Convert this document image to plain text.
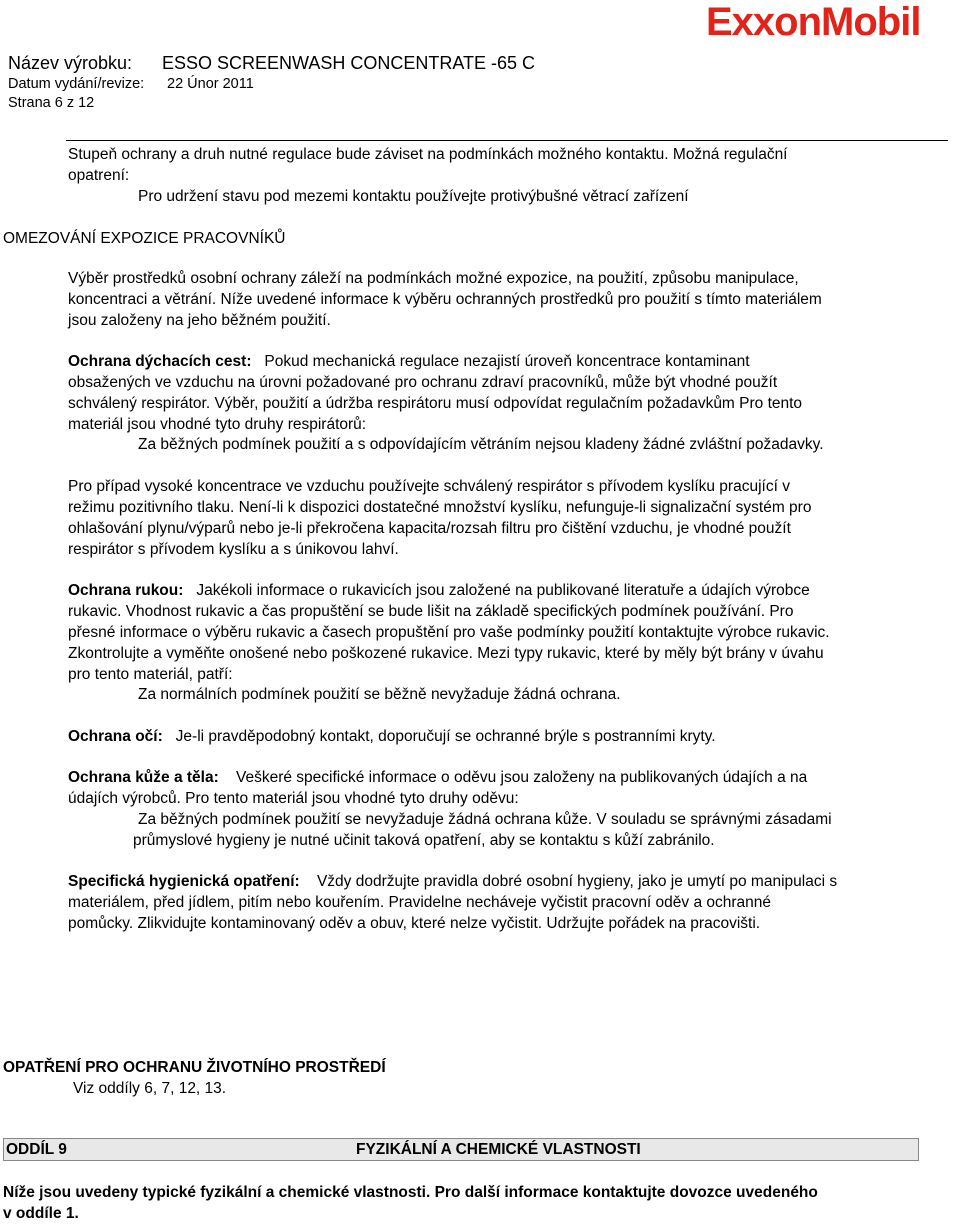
Název výrobku: ESSO SCREENWASH CONCENTRATE -65 C
Datum vydání/revize: 22 Únor 2011
Strana 6 z 12
ExxonMobil
Stupeň ochrany a druh nutné regulace bude záviset na podmínkách možného kontaktu. Možná regulační
opatrení:
Pro udržení stavu pod mezemi kontaktu používejte protivýbušné větrací zařízení
OMEZOVÁNÍ EXPOZICE PRACOVNÍKŮ
Výběr prostředků osobní ochrany záleží na podmínkách možné expozice, na použití, způsobu manipulace,
koncentraci a větrání. Níže uvedené informace k výběru ochranných prostředků pro použití s tímto materiálem
jsou založeny na jeho běžném použití.
Ochrana dýchacích cest: Pokud mechanická regulace nezajistí úroveň koncentrace kontaminant
obsažených ve vzduchu na úrovni požadované pro ochranu zdraví pracovníků, může být vhodné použít
schválený respirátor. Výběr, použití a údržba respirátoru musí odpovídat regulačním požadavkům Pro tento
materiál jsou vhodné tyto druhy respirátorů:
Za běžných podmínek použití a s odpovídajícím větráním nejsou kladeny žádné zvláštní požadavky.
Pro případ vysoké koncentrace ve vzduchu používejte schválený respirátor s přívodem kyslíku pracující v
režimu pozitivního tlaku. Není-li k dispozici dostatečné množství kyslíku, nefunguje-li signalizační systém pro
ohlašování plynu/výparů nebo je-li překročena kapacita/rozsah filtru pro čištění vzduchu, je vhodné použít
respirátor s přívodem kyslíku a s únikovou lahví.
Ochrana rukou: Jakékoli informace o rukavicích jsou založené na publikované literatuře a údajích výrobce
rukavic. Vhodnost rukavic a čas propuštění se bude lišit na základě specifických podmínek používání. Pro
přesné informace o výběru rukavic a časech propuštění pro vaše podmínky použití kontaktujte výrobce rukavic.
Zkontrolujte a vyměňte onošené nebo poškozené rukavice. Mezi typy rukavic, které by měly být brány v úvahu
pro tento materiál, patří:
Za normálních podmínek použití se běžně nevyžaduje žádná ochrana.
Ochrana očí: Je-li pravděpodobný kontakt, doporučují se ochranné brýle s postranními kryty.
Ochrana kůže a těla: Veškeré specifické informace o oděvu jsou založeny na publikovaných údajích a na
údajích výrobců. Pro tento materiál jsou vhodné tyto druhy oděvu:
Za běžných podmínek použití se nevyžaduje žádná ochrana kůže. V souladu se správnými zásadami
průmyslové hygieny je nutné učinit taková opatření, aby se kontaktu s kůží zabránilo.
Specifická hygienická opatření: Vždy dodržujte pravidla dobré osobní hygieny, jako je umytí po manipulaci s
materiálem, před jídlem, pitím nebo kouřením. Pravidelne necháveje vyčistit pracovní oděv a ochranné
pomůcky. Zlikvidujte kontaminovaný oděv a obuv, které nelze vyčistit. Udržujte pořádek na pracovišti.
OPATŘENÍ PRO OCHRANU ŽIVOTNÍHO PROSTŘEDÍ
Viz oddíly 6, 7, 12, 13.
ODDÍL 9	FYZIKÁLNÍ A CHEMICKÉ VLASTNOSTI
Níže jsou uvedeny typické fyzikální a chemické vlastnosti. Pro další informace kontaktujte dovozce uvedeného
v oddíle 1.
